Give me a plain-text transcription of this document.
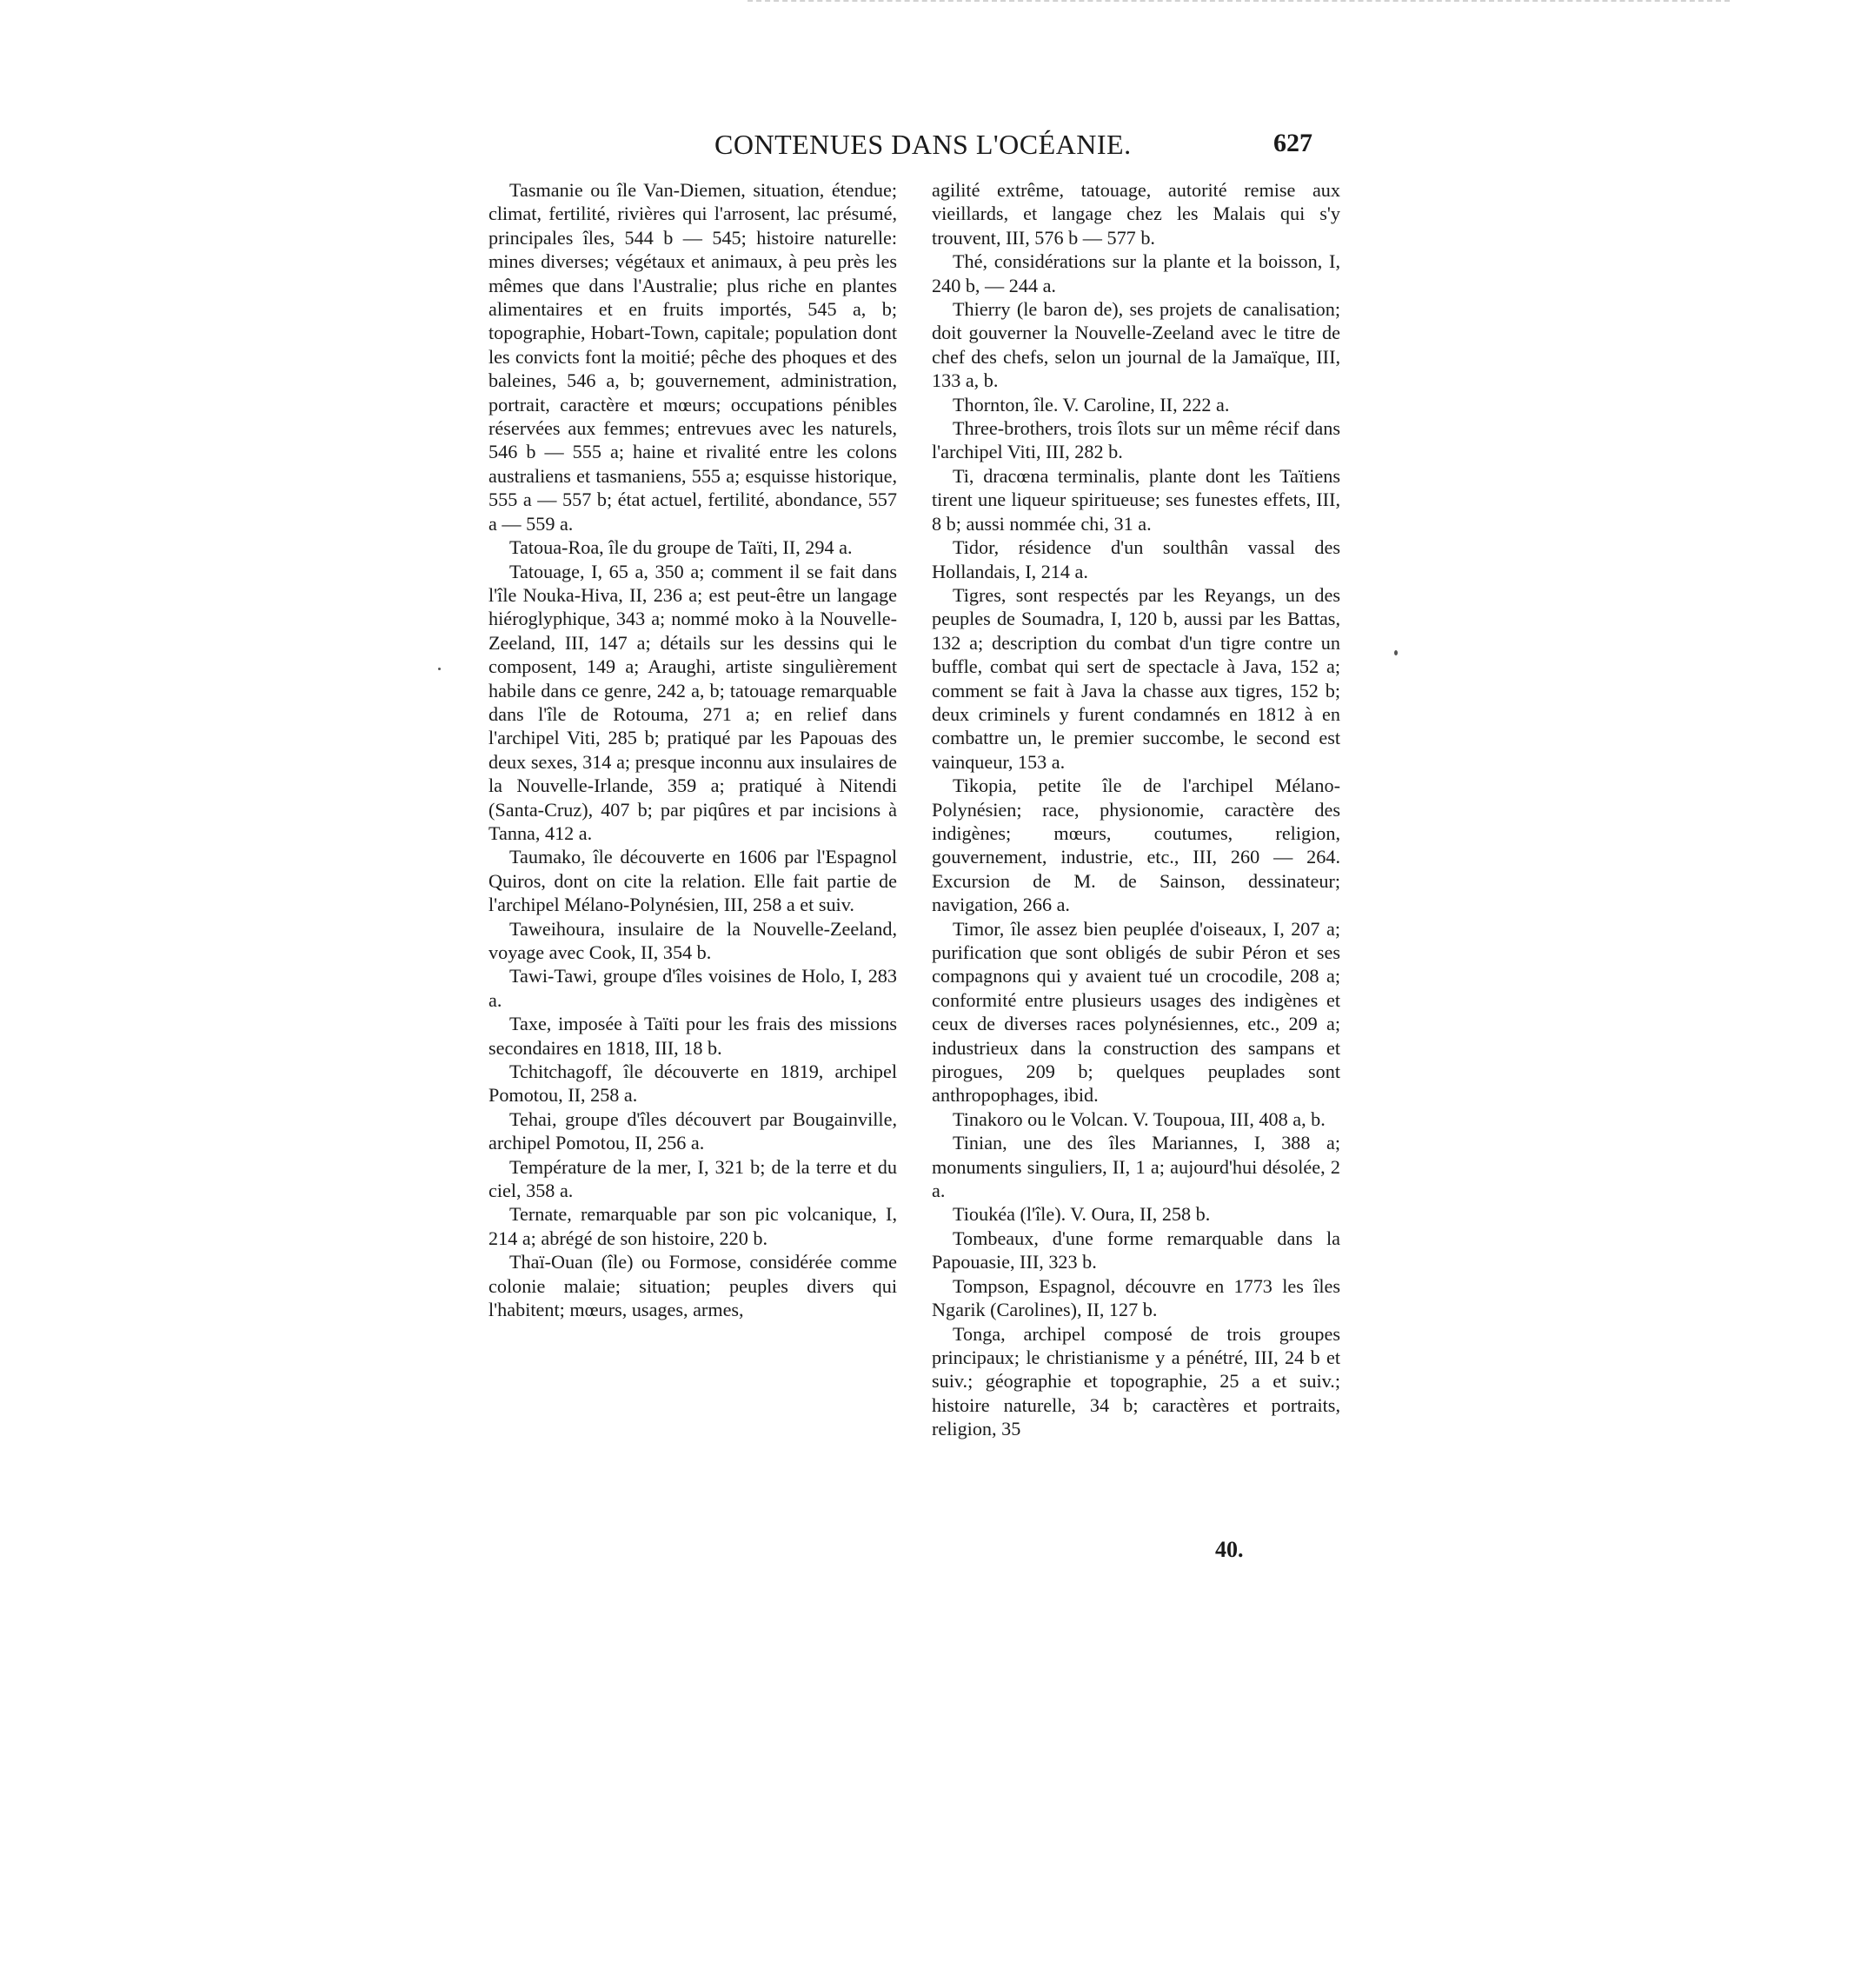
CONTENUES DANS L'OCÉANIE.	627

Tasmanie ou île Van-Diemen, situation, étendue; climat, fertilité, rivières qui l'arrosent, lac présumé, principales îles, 544 b — 545; histoire naturelle: mines diverses; végétaux et animaux, à peu près les mêmes que dans l'Australie; plus riche en plantes alimentaires et en fruits importés, 545 a, b; topographie, Hobart-Town, capitale; population dont les convicts font la moitié; pêche des phoques et des baleines, 546 a, b; gouvernement, administration, portrait, caractère et mœurs; occupations pénibles réservées aux femmes; entrevues avec les naturels, 546 b — 555 a; haine et rivalité entre les colons australiens et tasmaniens, 555 a; esquisse historique, 555 a — 557 b; état actuel, fertilité, abondance, 557 a — 559 a.

Tatoua-Roa, île du groupe de Taïti, II, 294 a.

Tatouage, I, 65 a, 350 a; comment il se fait dans l'île Nouka-Hiva, II, 236 a; est peut-être un langage hiéroglyphique, 343 a; nommé moko à la Nouvelle-Zeeland, III, 147 a; détails sur les dessins qui le composent, 149 a; Araughi, artiste singulièrement habile dans ce genre, 242 a, b; tatouage remarquable dans l'île de Rotouma, 271 a; en relief dans l'archipel Viti, 285 b; pratiqué par les Papouas des deux sexes, 314 a; presque inconnu aux insulaires de la Nouvelle-Irlande, 359 a; pratiqué à Nitendi (Santa-Cruz), 407 b; par piqûres et par incisions à Tanna, 412 a.

Taumako, île découverte en 1606 par l'Espagnol Quiros, dont on cite la relation. Elle fait partie de l'archipel Mélano-Polynésien, III, 258 a et suiv.

Taweihoura, insulaire de la Nouvelle-Zeeland, voyage avec Cook, II, 354 b.

Tawi-Tawi, groupe d'îles voisines de Holo, I, 283 a.

Taxe, imposée à Taïti pour les frais des missions secondaires en 1818, III, 18 b.

Tchitchagoff, île découverte en 1819, archipel Pomotou, II, 258 a.

Tehai, groupe d'îles découvert par Bougainville, archipel Pomotou, II, 256 a.

Température de la mer, I, 321 b; de la terre et du ciel, 358 a.

Ternate, remarquable par son pic volcanique, I, 214 a; abrégé de son histoire, 220 b.

Thaï-Ouan (île) ou Formose, considérée comme colonie malaie; situation; peuples divers qui l'habitent; mœurs, usages, armes,

agilité extrême, tatouage, autorité remise aux vieillards, et langage chez les Malais qui s'y trouvent, III, 576 b — 577 b.

Thé, considérations sur la plante et la boisson, I, 240 b, — 244 a.

Thierry (le baron de), ses projets de canalisation; doit gouverner la Nouvelle-Zeeland avec le titre de chef des chefs, selon un journal de la Jamaïque, III, 133 a, b.

Thornton, île. V. Caroline, II, 222 a.

Three-brothers, trois îlots sur un même récif dans l'archipel Viti, III, 282 b.

Ti, dracœna terminalis, plante dont les Taïtiens tirent une liqueur spiritueuse; ses funestes effets, III, 8 b; aussi nommée chi, 31 a.

Tidor, résidence d'un soulthân vassal des Hollandais, I, 214 a.

Tigres, sont respectés par les Reyangs, un des peuples de Soumadra, I, 120 b, aussi par les Battas, 132 a; description du combat d'un tigre contre un buffle, combat qui sert de spectacle à Java, 152 a; comment se fait à Java la chasse aux tigres, 152 b; deux criminels y furent condamnés en 1812 à en combattre un, le premier succombe, le second est vainqueur, 153 a.

Tikopia, petite île de l'archipel Mélano-Polynésien; race, physionomie, caractère des indigènes; mœurs, coutumes, religion, gouvernement, industrie, etc., III, 260 — 264. Excursion de M. de Sainson, dessinateur; navigation, 266 a.

Timor, île assez bien peuplée d'oiseaux, I, 207 a; purification que sont obligés de subir Péron et ses compagnons qui y avaient tué un crocodile, 208 a; conformité entre plusieurs usages des indigènes et ceux de diverses races polynésiennes, etc., 209 a; industrieux dans la construction des sampans et pirogues, 209 b; quelques peuplades sont anthropophages, ibid.

Tinakoro ou le Volcan. V. Toupoua, III, 408 a, b.

Tinian, une des îles Mariannes, I, 388 a; monuments singuliers, II, 1 a; aujourd'hui désolée, 2 a.

Tioukéa (l'île). V. Oura, II, 258 b.

Tombeaux, d'une forme remarquable dans la Papouasie, III, 323 b.

Tompson, Espagnol, découvre en 1773 les îles Ngarik (Carolines), II, 127 b.

Tonga, archipel composé de trois groupes principaux; le christianisme y a pénétré, III, 24 b et suiv.; géographie et topographie, 25 a et suiv.; histoire naturelle, 34 b; caractères et portraits, religion, 35

40.
